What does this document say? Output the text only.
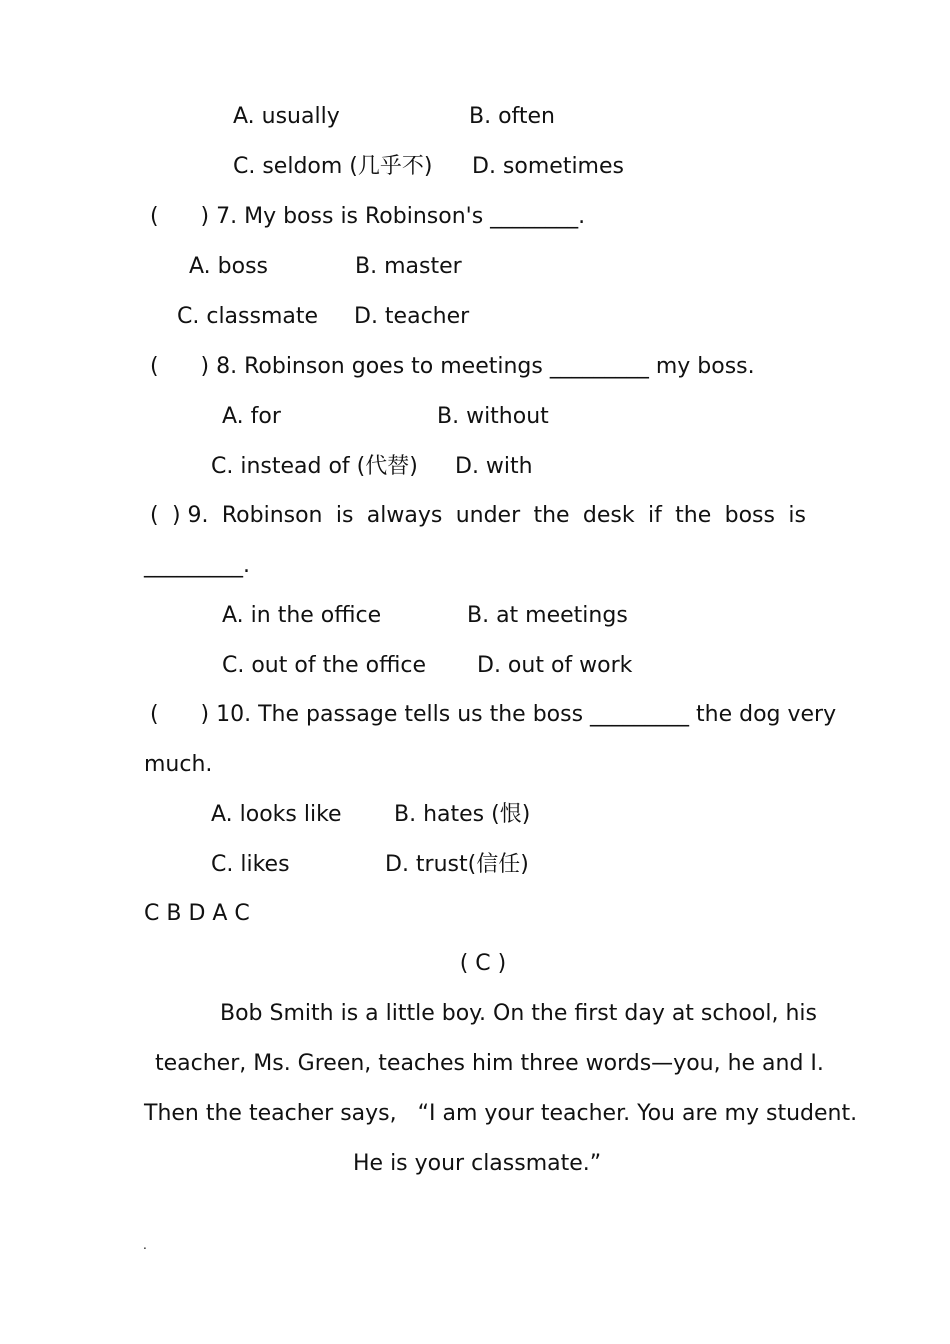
A. usually	B. often
C. seldom (几乎不) D. sometimes
(      ) 7. My boss is Robinson's ________.
A. boss	B. master
C. classmate D. teacher
(      ) 8. Robinson goes to meetings _________ my boss.
A. for	B. without
C. instead of (代替) D. with
( ) 9. Robinson is always under the desk if the boss is
_________.
A. in the office	B. at meetings
C. out of the office D. out of work
(      ) 10. The passage tells us the boss _________ the dog very
much.
A. looks like B. hates (恨)
C. likes	D. trust(信任)
C B D A C
( C )
Bob Smith is a little boy. On the first day at school, his
teacher, Ms. Green, teaches him three words—you, he and I.
Then the teacher says,   “I am your teacher. You are my student.
He is your classmate.”
.
